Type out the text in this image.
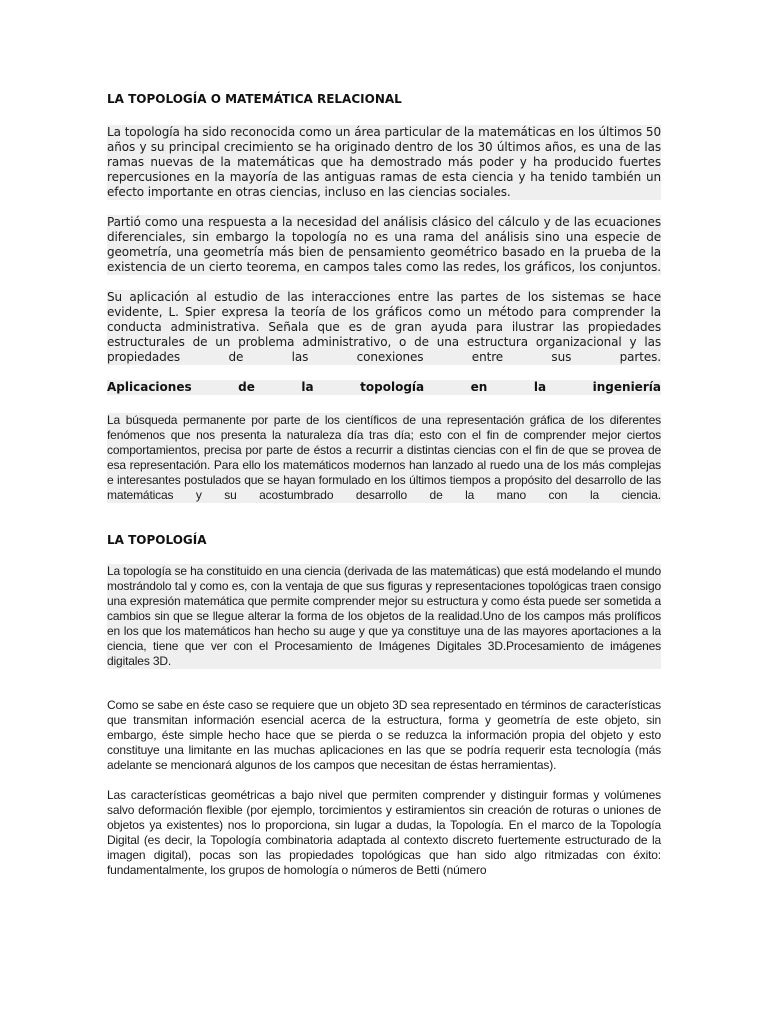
LA TOPOLOGÍA O MATEMÁTICA RELACIONAL
La topología ha sido reconocida como un área particular de la matemáticas en los últimos 50 años y su principal crecimiento se ha originado dentro de los 30 últimos años, es una de las ramas nuevas de la matemáticas que ha demostrado más poder y ha producido fuertes repercusiones en la mayoría de las antiguas ramas de esta ciencia y ha tenido también un efecto importante en otras ciencias, incluso en las ciencias sociales.
Partió como una respuesta a la necesidad del análisis clásico del cálculo y de las ecuaciones diferenciales, sin embargo la topología no es una rama del análisis sino una especie de geometría, una geometría más bien de pensamiento geométrico basado en la prueba de la existencia de un cierto teorema, en campos tales como las redes, los gráficos, los conjuntos.
Su aplicación al estudio de las interacciones entre las partes de los sistemas se hace evidente, L. Spier expresa la teoría de los gráficos como un método para comprender la conducta administrativa. Señala que es de gran ayuda para ilustrar las propiedades estructurales de un problema administrativo, o de una estructura organizacional y las propiedades de las conexiones entre sus partes.
Aplicaciones	de	la	topología	en	la	ingeniería
La búsqueda permanente por parte de los científicos de una representación gráfica de los diferentes fenómenos que nos presenta la naturaleza día tras día; esto con el fin de comprender mejor ciertos comportamientos, precisa por parte de éstos a recurrir a distintas ciencias con el fin de que se provea de esa representación. Para ello los matemáticos modernos han lanzado al ruedo una de los más complejas e interesantes postulados que se hayan formulado en los últimos tiempos a propósito del desarrollo de las matemáticas y su acostumbrado desarrollo de la mano con la ciencia.
LA TOPOLOGÍA
La topología se ha constituido en una ciencia (derivada de las matemáticas) que está modelando el mundo mostrándolo tal y como es, con la ventaja de que sus figuras y representaciones topológicas traen consigo una expresión matemática que permite comprender mejor su estructura y como ésta puede ser sometida a cambios sin que se llegue alterar la forma de los objetos de la realidad.Uno de los campos más prolíficos en los que los matemáticos han hecho su auge y que ya constituye una de las mayores aportaciones a la ciencia, tiene que ver con el Procesamiento de Imágenes Digitales 3D.Procesamiento de imágenes digitales 3D.
Como se sabe en éste caso se requiere que un objeto 3D sea representado en términos de características que transmitan información esencial acerca de la estructura, forma y geometría de este objeto, sin embargo, éste simple hecho hace que se pierda o se reduzca la información propia del objeto y esto constituye una limitante en las muchas aplicaciones en las que se podría requerir esta tecnología (más adelante se mencionará algunos de los campos que necesitan de éstas herramientas).
Las características geométricas a bajo nivel que permiten comprender y distinguir formas y volúmenes salvo deformación flexible (por ejemplo, torcimientos y estiramientos sin creación de roturas o uniones de objetos ya existentes) nos lo proporciona, sin lugar a dudas, la Topología. En el marco de la Topología Digital (es decir, la Topología combinatoria adaptada al contexto discreto fuertemente estructurado de la imagen digital), pocas son las propiedades topológicas que han sido algo ritmizadas con éxito: fundamentalmente, los grupos de homología o números de Betti (número
